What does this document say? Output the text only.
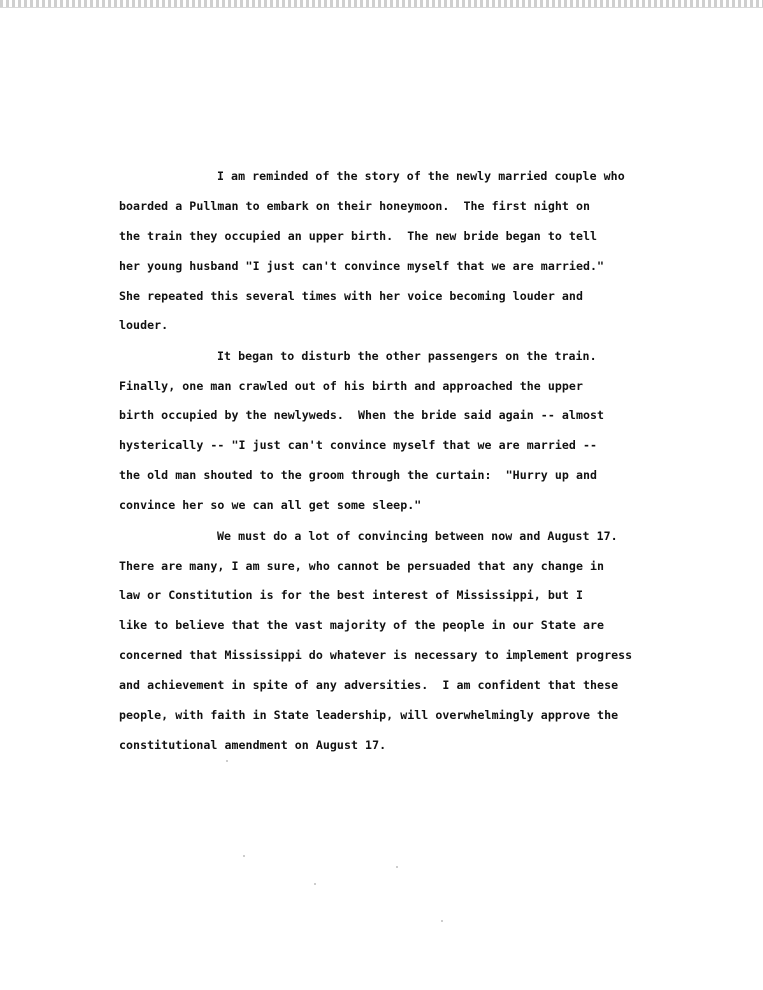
I am reminded of the story of the newly married couple who
boarded a Pullman to embark on their honeymoon.  The first night on
the train they occupied an upper birth.  The new bride began to tell
her young husband "I just can't convince myself that we are married."
She repeated this several times with her voice becoming louder and
louder.
It began to disturb the other passengers on the train.
Finally, one man crawled out of his birth and approached the upper
birth occupied by the newlyweds.  When the bride said again -- almost
hysterically -- "I just can't convince myself that we are married --
the old man shouted to the groom through the curtain:  "Hurry up and
convince her so we can all get some sleep."
We must do a lot of convincing between now and August 17.
There are many, I am sure, who cannot be persuaded that any change in
law or Constitution is for the best interest of Mississippi, but I
like to believe that the vast majority of the people in our State are
concerned that Mississippi do whatever is necessary to implement progress
and achievement in spite of any adversities.  I am confident that these
people, with faith in State leadership, will overwhelmingly approve the
constitutional amendment on August 17.
